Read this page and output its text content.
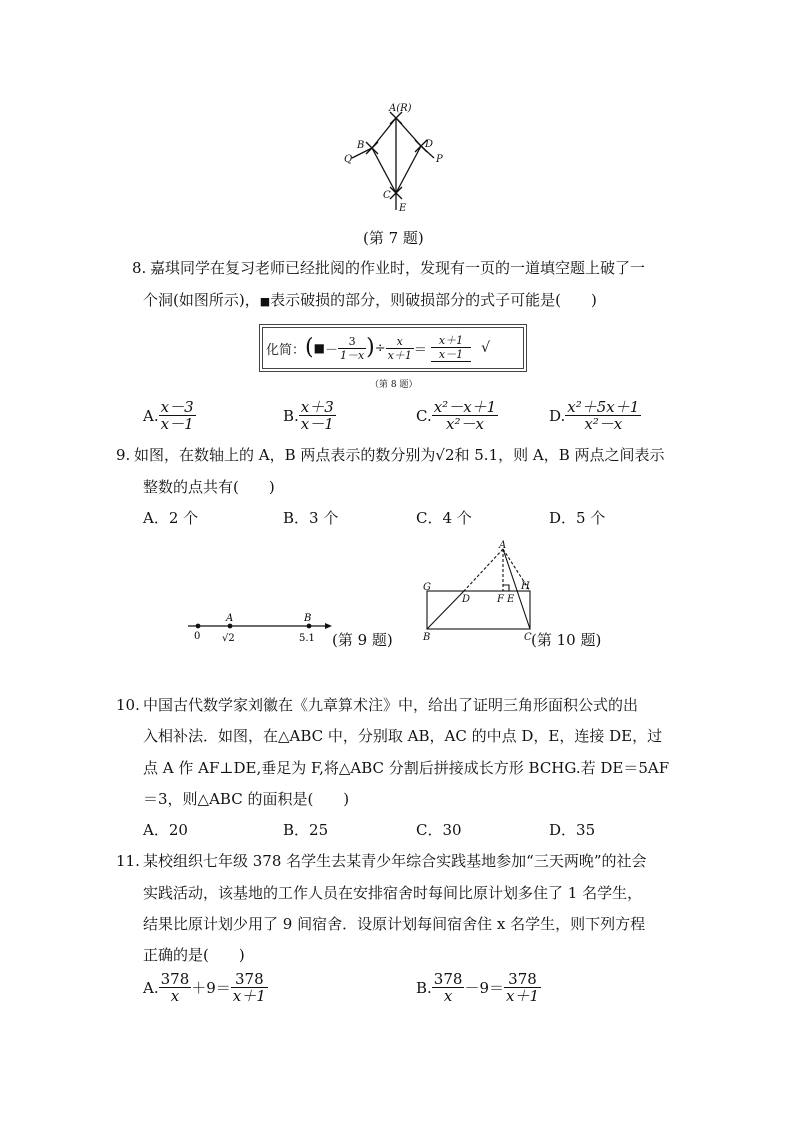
A(R)
B
Q
D
P
C
E
(第 7 题)
8. 嘉琪同学在复习老师已经批阅的作业时，发现有一页的一道填空题上破了一
个洞(如图所示)，■表示破损的部分，则破损部分的式子可能是(　　)
化简： ( ■ － $\frac{3}{1-x}$ ) ÷ $\frac{x}{x+1} = \frac{x+1}{x-1}$ √
（第 8 题）
A. $\frac{x-3}{x-1}$	B. $\frac{x+3}{x-1}$	C. $\frac{\text{x²－x＋1}}{\text{x²－x}}$	D. $\frac{\text{x²＋5x＋1}}{\text{x²－x}}$
9. 如图，在数轴上的 A，B 两点表示的数分别为√2和 5.1，则 A，B 两点之间表示
整数的点共有(　　)
A．2 个	B．3 个	C．4 个	D．5 个
A	B
0 √2	5.1 (第 9 题)
A
G	H
D	F E
B	C (第 10 题)
10. 中国古代数学家刘徽在《九章算术注》中，给出了证明三角形面积公式的出
入相补法．如图，在△ABC 中，分别取 AB，AC 的中点 D，E，连接 DE，过
点 A 作 AF⊥DE,垂足为 F,将△ABC 分割后拼接成长方形 BCHG.若 DE＝5AF
＝3，则△ABC 的面积是(　　)
A．20	B．25	C．30	D．35
11. 某校组织七年级 378 名学生去某青少年综合实践基地参加“三天两晚”的社会
实践活动，该基地的工作人员在安排宿舍时每间比原计划多住了 1 名学生，
结果比原计划少用了 9 间宿舍．设原计划每间宿舍住 x 名学生，则下列方程
正确的是(　　)
A. $\frac{378}{x} +9= \frac{378}{x+1}$	B. $\frac{378}{x} -9= \frac{378}{x+1}$
